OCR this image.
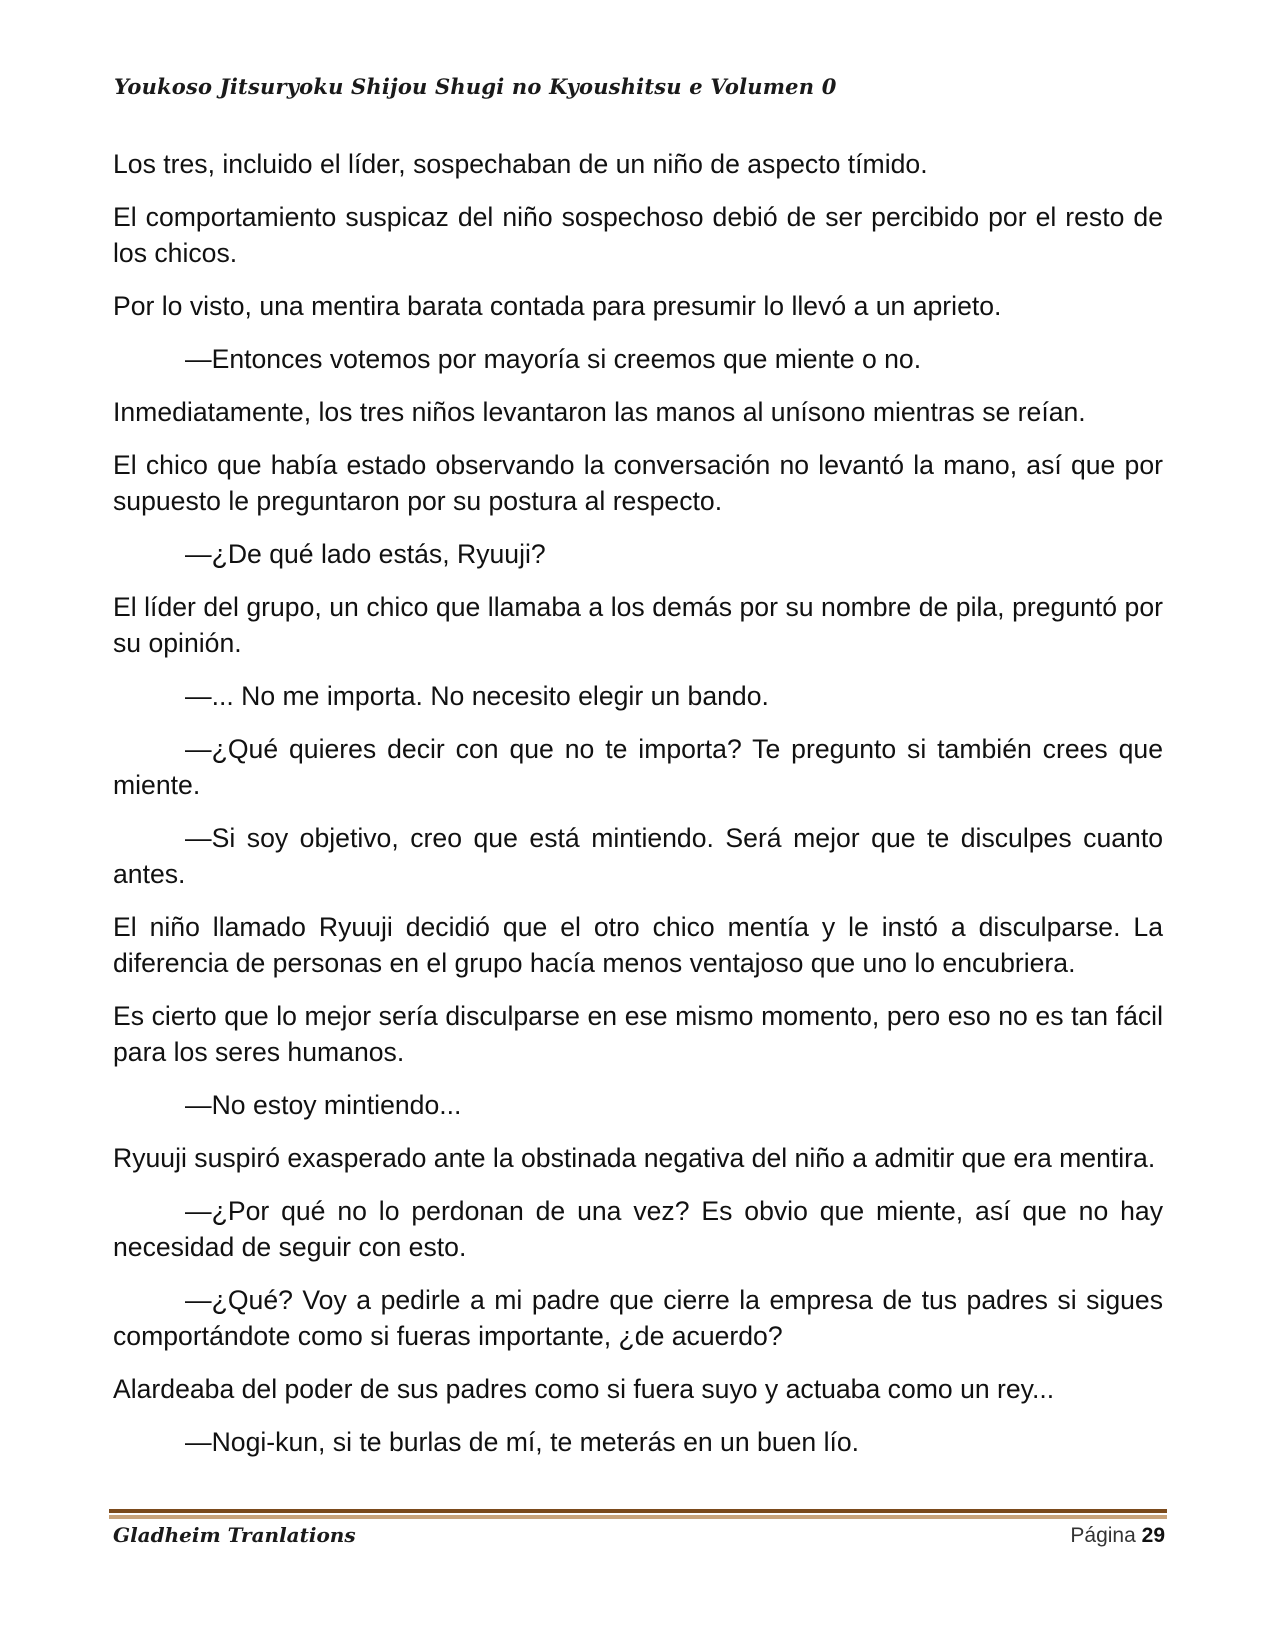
Youkoso Jitsuryoku Shijou Shugi no Kyoushitsu e Volumen 0

Los tres, incluido el líder, sospechaban de un niño de aspecto tímido.

El comportamiento suspicaz del niño sospechoso debió de ser percibido por el resto de los chicos.

Por lo visto, una mentira barata contada para presumir lo llevó a un aprieto.

—Entonces votemos por mayoría si creemos que miente o no.

Inmediatamente, los tres niños levantaron las manos al unísono mientras se reían.

El chico que había estado observando la conversación no levantó la mano, así que por supuesto le preguntaron por su postura al respecto.

—¿De qué lado estás, Ryuuji?

El líder del grupo, un chico que llamaba a los demás por su nombre de pila, preguntó por su opinión.

—... No me importa. No necesito elegir un bando.

—¿Qué quieres decir con que no te importa? Te pregunto si también crees que miente.

—Si soy objetivo, creo que está mintiendo. Será mejor que te disculpes cuanto antes.

El niño llamado Ryuuji decidió que el otro chico mentía y le instó a disculparse. La diferencia de personas en el grupo hacía menos ventajoso que uno lo encubriera.

Es cierto que lo mejor sería disculparse en ese mismo momento, pero eso no es tan fácil para los seres humanos.

—No estoy mintiendo...

Ryuuji suspiró exasperado ante la obstinada negativa del niño a admitir que era mentira.

—¿Por qué no lo perdonan de una vez? Es obvio que miente, así que no hay necesidad de seguir con esto.

—¿Qué? Voy a pedirle a mi padre que cierre la empresa de tus padres si sigues comportándote como si fueras importante, ¿de acuerdo?

Alardeaba del poder de sus padres como si fuera suyo y actuaba como un rey...

—Nogi-kun, si te burlas de mí, te meterás en un buen lío.

Gladheim Tranlations	Página 29
